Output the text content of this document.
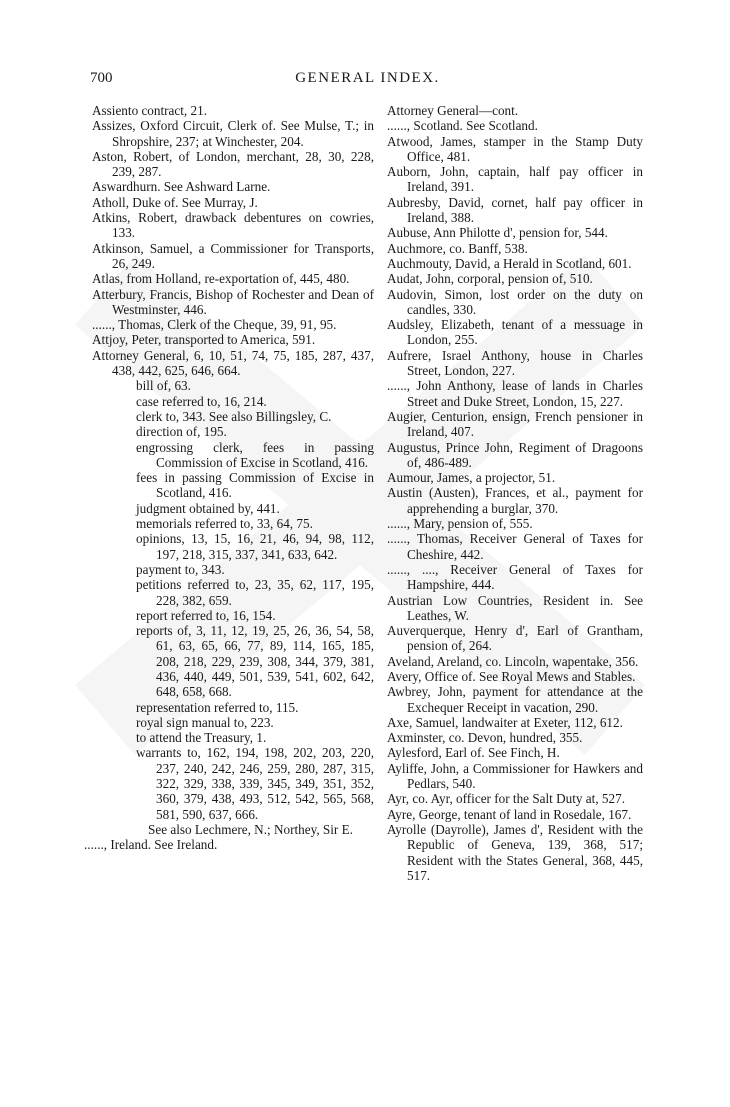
700	GENERAL INDEX.
Assiento contract, 21.
Assizes, Oxford Circuit, Clerk of. See Mulse, T.; in Shropshire, 237; at Winchester, 204.
Aston, Robert, of London, merchant, 28, 30, 228, 239, 287.
Aswardhurn. See Ashward Larne.
Atholl, Duke of. See Murray, J.
Atkins, Robert, drawback debentures on cowries, 133.
Atkinson, Samuel, a Commissioner for Transports, 26, 249.
Atlas, from Holland, re-exportation of, 445, 480.
Atterbury, Francis, Bishop of Rochester and Dean of Westminster, 446.
......, Thomas, Clerk of the Cheque, 39, 91, 95.
Attjoy, Peter, transported to America, 591.
Attorney General, 6, 10, 51, 74, 75, 185, 287, 437, 438, 442, 625, 646, 664.
bill of, 63.
case referred to, 16, 214.
clerk to, 343. See also Billingsley, C.
direction of, 195.
engrossing clerk, fees in passing Commission of Excise in Scotland, 416.
fees in passing Commission of Excise in Scotland, 416.
judgment obtained by, 441.
memorials referred to, 33, 64, 75.
opinions, 13, 15, 16, 21, 46, 94, 98, 112, 197, 218, 315, 337, 341, 633, 642.
payment to, 343.
petitions referred to, 23, 35, 62, 117, 195, 228, 382, 659.
report referred to, 16, 154.
reports of, 3, 11, 12, 19, 25, 26, 36, 54, 58, 61, 63, 65, 66, 77, 89, 114, 165, 185, 208, 218, 229, 239, 308, 344, 379, 381, 436, 440, 449, 501, 539, 541, 602, 642, 648, 658, 668.
representation referred to, 115.
royal sign manual to, 223.
to attend the Treasury, 1.
warrants to, 162, 194, 198, 202, 203, 220, 237, 240, 242, 246, 259, 280, 287, 315, 322, 329, 338, 339, 345, 349, 351, 352, 360, 379, 438, 493, 512, 542, 565, 568, 581, 590, 637, 666.
See also Lechmere, N.; Northey, Sir E.
......, Ireland. See Ireland.
Attorney General—cont.
......, Scotland. See Scotland.
Atwood, James, stamper in the Stamp Duty Office, 481.
Auborn, John, captain, half pay officer in Ireland, 391.
Aubresby, David, cornet, half pay officer in Ireland, 388.
Aubuse, Ann Philotte d', pension for, 544.
Auchmore, co. Banff, 538.
Auchmouty, David, a Herald in Scotland, 601.
Audat, John, corporal, pension of, 510.
Audovin, Simon, lost order on the duty on candles, 330.
Audsley, Elizabeth, tenant of a messuage in London, 255.
Aufrere, Israel Anthony, house in Charles Street, London, 227.
......, John Anthony, lease of lands in Charles Street and Duke Street, London, 15, 227.
Augier, Centurion, ensign, French pensioner in Ireland, 407.
Augustus, Prince John, Regiment of Dragoons of, 486-489.
Aumour, James, a projector, 51.
Austin (Austen), Frances, et al., payment for apprehending a burglar, 370.
......, Mary, pension of, 555.
......, Thomas, Receiver General of Taxes for Cheshire, 442.
......, ...., Receiver General of Taxes for Hampshire, 444.
Austrian Low Countries, Resident in. See Leathes, W.
Auverquerque, Henry d', Earl of Grantham, pension of, 264.
Aveland, Areland, co. Lincoln, wapentake, 356.
Avery, Office of. See Royal Mews and Stables.
Awbrey, John, payment for attendance at the Exchequer Receipt in vacation, 290.
Axe, Samuel, landwaiter at Exeter, 112, 612.
Axminster, co. Devon, hundred, 355.
Aylesford, Earl of. See Finch, H.
Ayliffe, John, a Commissioner for Hawkers and Pedlars, 540.
Ayr, co. Ayr, officer for the Salt Duty at, 527.
Ayre, George, tenant of land in Rosedale, 167.
Ayrolle (Dayrolle), James d', Resident with the Republic of Geneva, 139, 368, 517; Resident with the States General, 368, 445, 517.
